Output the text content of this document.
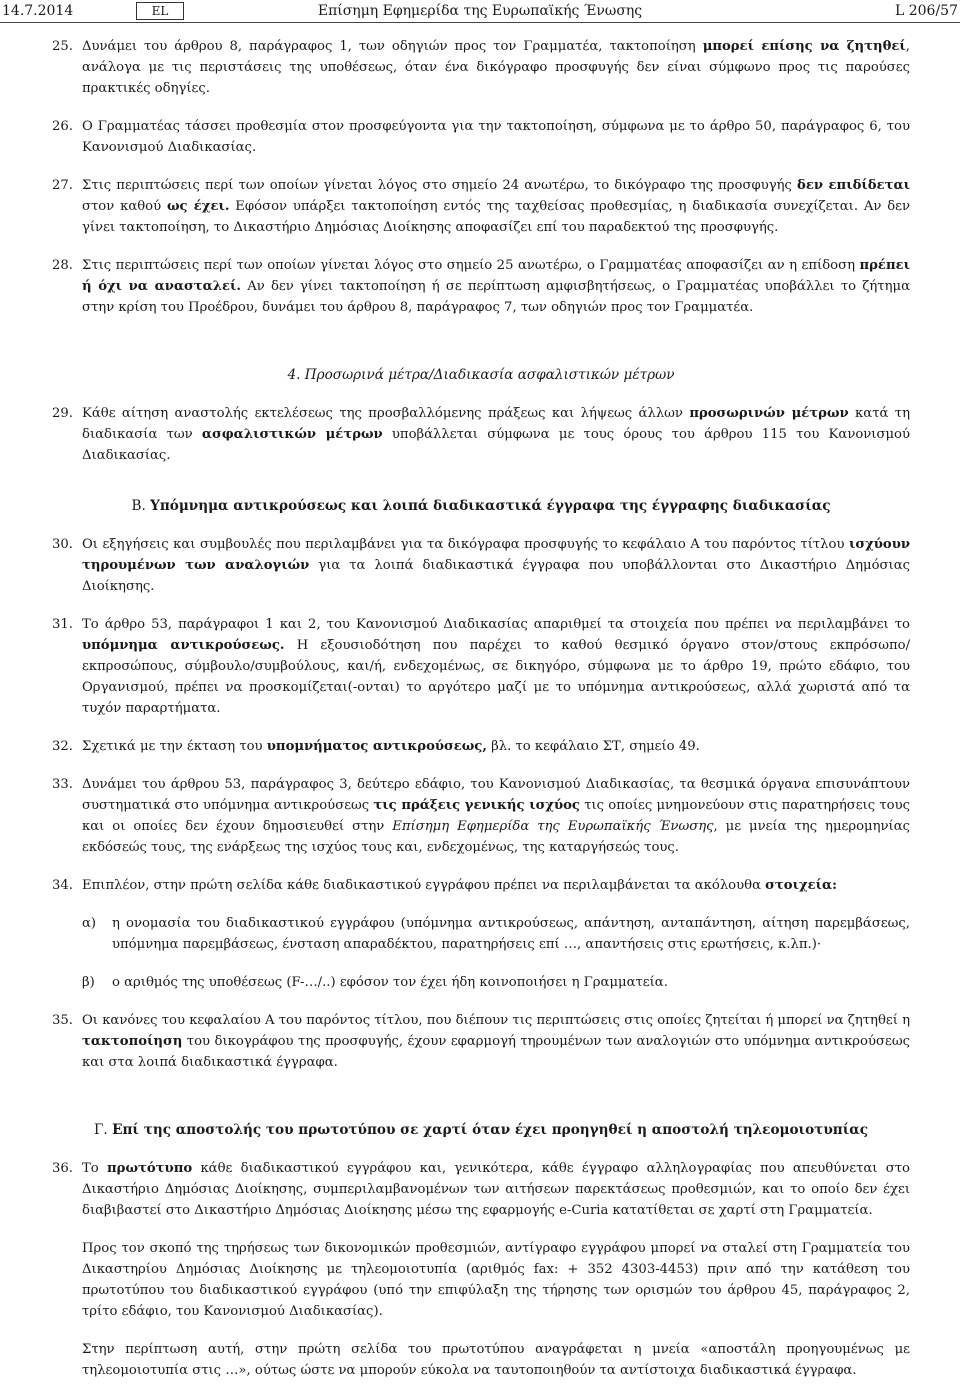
14.7.2014	EL	Επίσημη Εφημερίδα της Ευρωπαϊκής Ένωσης	L 206/57
25. Δυνάμει του άρθρου 8, παράγραφος 1, των οδηγιών προς τον Γραμματέα, τακτοποίηση μπορεί επίσης να ζητηθεί, ανάλογα με τις περιστάσεις της υποθέσεως, όταν ένα δικόγραφο προσφυγής δεν είναι σύμφωνο προς τις παρούσες πρακτικές οδηγίες.
26. Ο Γραμματέας τάσσει προθεσμία στον προσφεύγοντα για την τακτοποίηση, σύμφωνα με το άρθρο 50, παράγραφος 6, του Κανονισμού Διαδικασίας.
27. Στις περιπτώσεις περί των οποίων γίνεται λόγος στο σημείο 24 ανωτέρω, το δικόγραφο της προσφυγής δεν επιδίδεται στον καθού ως έχει. Εφόσον υπάρξει τακτοποίηση εντός της ταχθείσας προθεσμίας, η διαδικασία συνεχίζεται. Αν δεν γίνει τακτοποίηση, το Δικαστήριο Δημόσιας Διοίκησης αποφασίζει επί του παραδεκτού της προσφυγής.
28. Στις περιπτώσεις περί των οποίων γίνεται λόγος στο σημείο 25 ανωτέρω, ο Γραμματέας αποφασίζει αν η επίδοση πρέπει ή όχι να ανασταλεί. Αν δεν γίνει τακτοποίηση ή σε περίπτωση αμφισβητήσεως, ο Γραμματέας υποβάλλει το ζήτημα στην κρίση του Προέδρου, δυνάμει του άρθρου 8, παράγραφος 7, των οδηγιών προς τον Γραμματέα.
4. Προσωρινά μέτρα/Διαδικασία ασφαλιστικών μέτρων
29. Κάθε αίτηση αναστολής εκτελέσεως της προσβαλλόμενης πράξεως και λήψεως άλλων προσωρινών μέτρων κατά τη διαδικασία των ασφαλιστικών μέτρων υποβάλλεται σύμφωνα με τους όρους του άρθρου 115 του Κανονισμού Διαδικασίας.
Β. Υπόμνημα αντικρούσεως και λοιπά διαδικαστικά έγγραφα της έγγραφης διαδικασίας
30. Οι εξηγήσεις και συμβουλές που περιλαμβάνει για τα δικόγραφα προσφυγής το κεφάλαιο Α του παρόντος τίτλου ισχύουν τηρουμένων των αναλογιών για τα λοιπά διαδικαστικά έγγραφα που υποβάλλονται στο Δικαστήριο Δημόσιας Διοίκησης.
31. Το άρθρο 53, παράγραφοι 1 και 2, του Κανονισμού Διαδικασίας απαριθμεί τα στοιχεία που πρέπει να περιλαμβάνει το υπόμνημα αντικρούσεως. Η εξουσιοδότηση που παρέχει το καθού θεσμικό όργανο στον/στους εκπρόσωπο/εκπροσώπους, σύμβουλο/συμβούλους, και/ή, ενδεχομένως, σε δικηγόρο, σύμφωνα με το άρθρο 19, πρώτο εδάφιο, του Οργανισμού, πρέπει να προσκομίζεται(-ονται) το αργότερο μαζί με το υπόμνημα αντικρούσεως, αλλά χωριστά από τα τυχόν παραρτήματα.
32. Σχετικά με την έκταση του υπομνήματος αντικρούσεως, βλ. το κεφάλαιο ΣΤ, σημείο 49.
33. Δυνάμει του άρθρου 53, παράγραφος 3, δεύτερο εδάφιο, του Κανονισμού Διαδικασίας, τα θεσμικά όργανα επισυνάπτουν συστηματικά στο υπόμνημα αντικρούσεως τις πράξεις γενικής ισχύος τις οποίες μνημονεύουν στις παρατηρήσεις τους και οι οποίες δεν έχουν δημοσιευθεί στην Επίσημη Εφημερίδα της Ευρωπαϊκής Ένωσης, με μνεία της ημερομηνίας εκδόσεώς τους, της ενάρξεως της ισχύος τους και, ενδεχομένως, της καταργήσεώς τους.
34. Επιπλέον, στην πρώτη σελίδα κάθε διαδικαστικού εγγράφου πρέπει να περιλαμβάνεται τα ακόλουθα στοιχεία:
α) η ονομασία του διαδικαστικού εγγράφου (υπόμνημα αντικρούσεως, απάντηση, ανταπάντηση, αίτηση παρεμβάσεως, υπόμνημα παρεμβάσεως, ένσταση απαραδέκτου, παρατηρήσεις επί …, απαντήσεις στις ερωτήσεις, κ.λπ.)·
β) ο αριθμός της υποθέσεως (F-…/..) εφόσον τον έχει ήδη κοινοποιήσει η Γραμματεία.
35. Οι κανόνες του κεφαλαίου Α του παρόντος τίτλου, που διέπουν τις περιπτώσεις στις οποίες ζητείται ή μπορεί να ζητηθεί η τακτοποίηση του δικογράφου της προσφυγής, έχουν εφαρμογή τηρουμένων των αναλογιών στο υπόμνημα αντικρούσεως και στα λοιπά διαδικαστικά έγγραφα.
Γ. Επί της αποστολής του πρωτοτύπου σε χαρτί όταν έχει προηγηθεί η αποστολή τηλεομοιοτυπίας
36. Το πρωτότυπο κάθε διαδικαστικού εγγράφου και, γενικότερα, κάθε έγγραφο αλληλογραφίας που απευθύνεται στο Δικαστήριο Δημόσιας Διοίκησης, συμπεριλαμβανομένων των αιτήσεων παρεκτάσεως προθεσμιών, και το οποίο δεν έχει διαβιβαστεί στο Δικαστήριο Δημόσιας Διοίκησης μέσω της εφαρμογής e-Curia κατατίθεται σε χαρτί στη Γραμματεία.
Προς τον σκοπό της τηρήσεως των δικονομικών προθεσμιών, αντίγραφο εγγράφου μπορεί να σταλεί στη Γραμματεία του Δικαστηρίου Δημόσιας Διοίκησης με τηλεομοιοτυπία (αριθμός fax: + 352 4303-4453) πριν από την κατάθεση του πρωτοτύπου του διαδικαστικού εγγράφου (υπό την επιφύλαξη της τήρησης των ορισμών του άρθρου 45, παράγραφος 2, τρίτο εδάφιο, του Κανονισμού Διαδικασίας).
Στην περίπτωση αυτή, στην πρώτη σελίδα του πρωτοτύπου αναγράφεται η μνεία «αποστάλη προηγουμένως με τηλεομοιοτυπία στις …», ούτως ώστε να μπορούν εύκολα να ταυτοποιηθούν τα αντίστοιχα διαδικαστικά έγγραφα.
